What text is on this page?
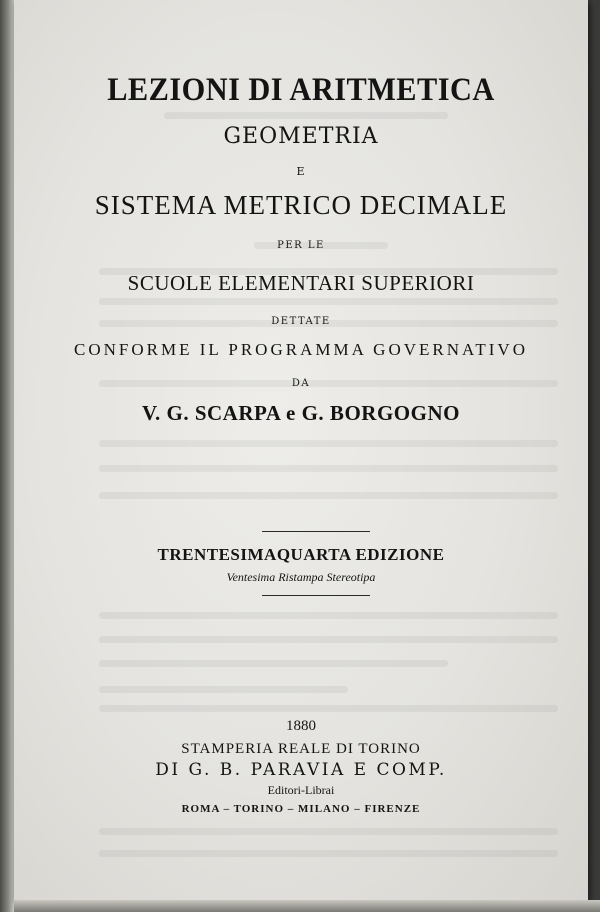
LEZIONI DI ARITMETICA
GEOMETRIA
E
SISTEMA METRICO DECIMALE
PER LE
SCUOLE ELEMENTARI SUPERIORI
DETTATE
CONFORME IL PROGRAMMA GOVERNATIVO
DA
V. G. SCARPA e G. BORGOGNO
TRENTESIMAQUARTA EDIZIONE
Ventesima Ristampa Stereotipa
1880
STAMPERIA REALE DI TORINO
DI G. B. PARAVIA E COMP.
Editori-Librai
ROMA – TORINO – MILANO – FIRENZE
